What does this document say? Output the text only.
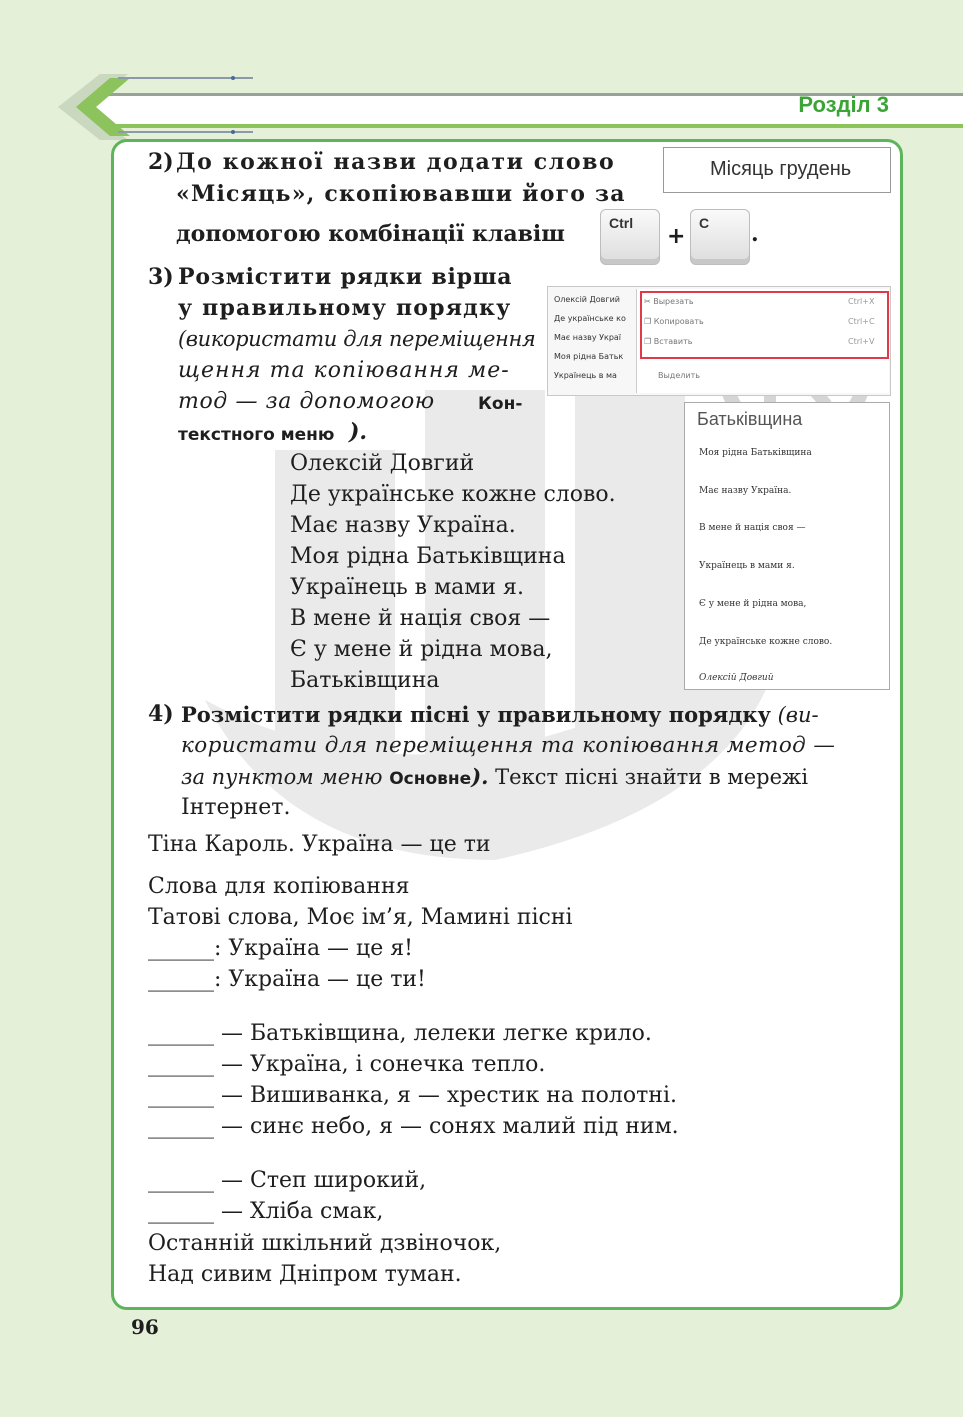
Розділ 3
2) До кожної назви додати слово
«Місяць», скопіювавши його за
допомогою комбінації клавіш	Ctrl
+
C .
Місяць грудень
3) Розмістити рядки вірша
у правильному порядку
(використати для переміщення
щення та копіювання ме-
тод — за допомогою	Кон-
текстного меню ).
Олексій Довгий
Де українське ко
Має назву Украї
Моя рідна Батьк
Українець в ма
✂ Вырезать
❐ Копировать
❐ Вставить
Выделить
Ctrl+X
Ctrl+C
Ctrl+V
Батьківщина
Моя рідна Батьківщина
Має назву Україна.
В мене й нація своя —
Українець в мами я.
Є у мене й рідна мова,
Де українське кожне слово.
Олексій Довгий
Олексій Довгий
Де українське кожне слово.
Має назву Україна.
Моя рідна Батьківщина
Українець в мами я.
В мене й нація своя —
Є у мене й рідна мова,
Батьківщина
4) Розмістити рядки пісні у правильному порядку (ви-
користати для переміщення та копіювання метод —
за пунктом меню Основне). Текст пісні знайти в мережі
Інтернет.
Тіна Кароль. Україна — це ти
Слова для копіювання
Татові слова, Моє ім’я, Мамині пісні
______: Україна — це я!
______: Україна — це ти!
______ — Батьківщина, лелеки легке крило.
______ — Україна, і сонечка тепло.
______ — Вишиванка, я — хрестик на полотні.
______ — синє небо, я — сонях малий під ним.
______ — Степ широкий,
______ — Хліба смак,
Останній шкільний дзвіночок,
Над сивим Дніпром туман.
96
